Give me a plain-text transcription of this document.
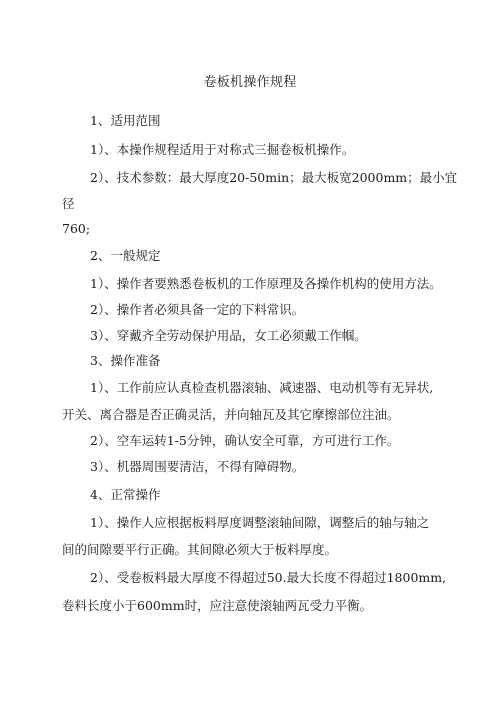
卷板机操作规程
1、适用范围
1）、本操作规程适用于对称式三掘卷板机操作。
2）、技术参数：最大厚度20-50min；最大板宽2000mm；最小宜
径
760;
2、一般规定
1）、操作者要熟悉卷板机的工作原理及各操作机构的使用方法。
2）、操作者必须具备一定的下料常识。
3）、穿戴齐全劳动保护用品，女工必须戴工作帼。
3、操作准备
1）、工作前应认真检查机器滚轴、减速器、电动机等有无异状,
开关、离合器是否正确灵活，并向轴瓦及其它摩擦部位注油。
2）、空车运转1-5分钟，确认安全可靠，方可进行工作。
3）、机器周围要清洁，不得有障碍物。
4、正常操作
1）、操作人应根据板料厚度调整滚轴间隙，调整后的轴与轴之
间的间隙要平行正确。其间隙必须大于板料厚度。
2）、受卷板料最大厚度不得超过50.最大长度不得超过1800mm,
卷料长度小于600mm时，应注意使滚轴两瓦受力平衡。
